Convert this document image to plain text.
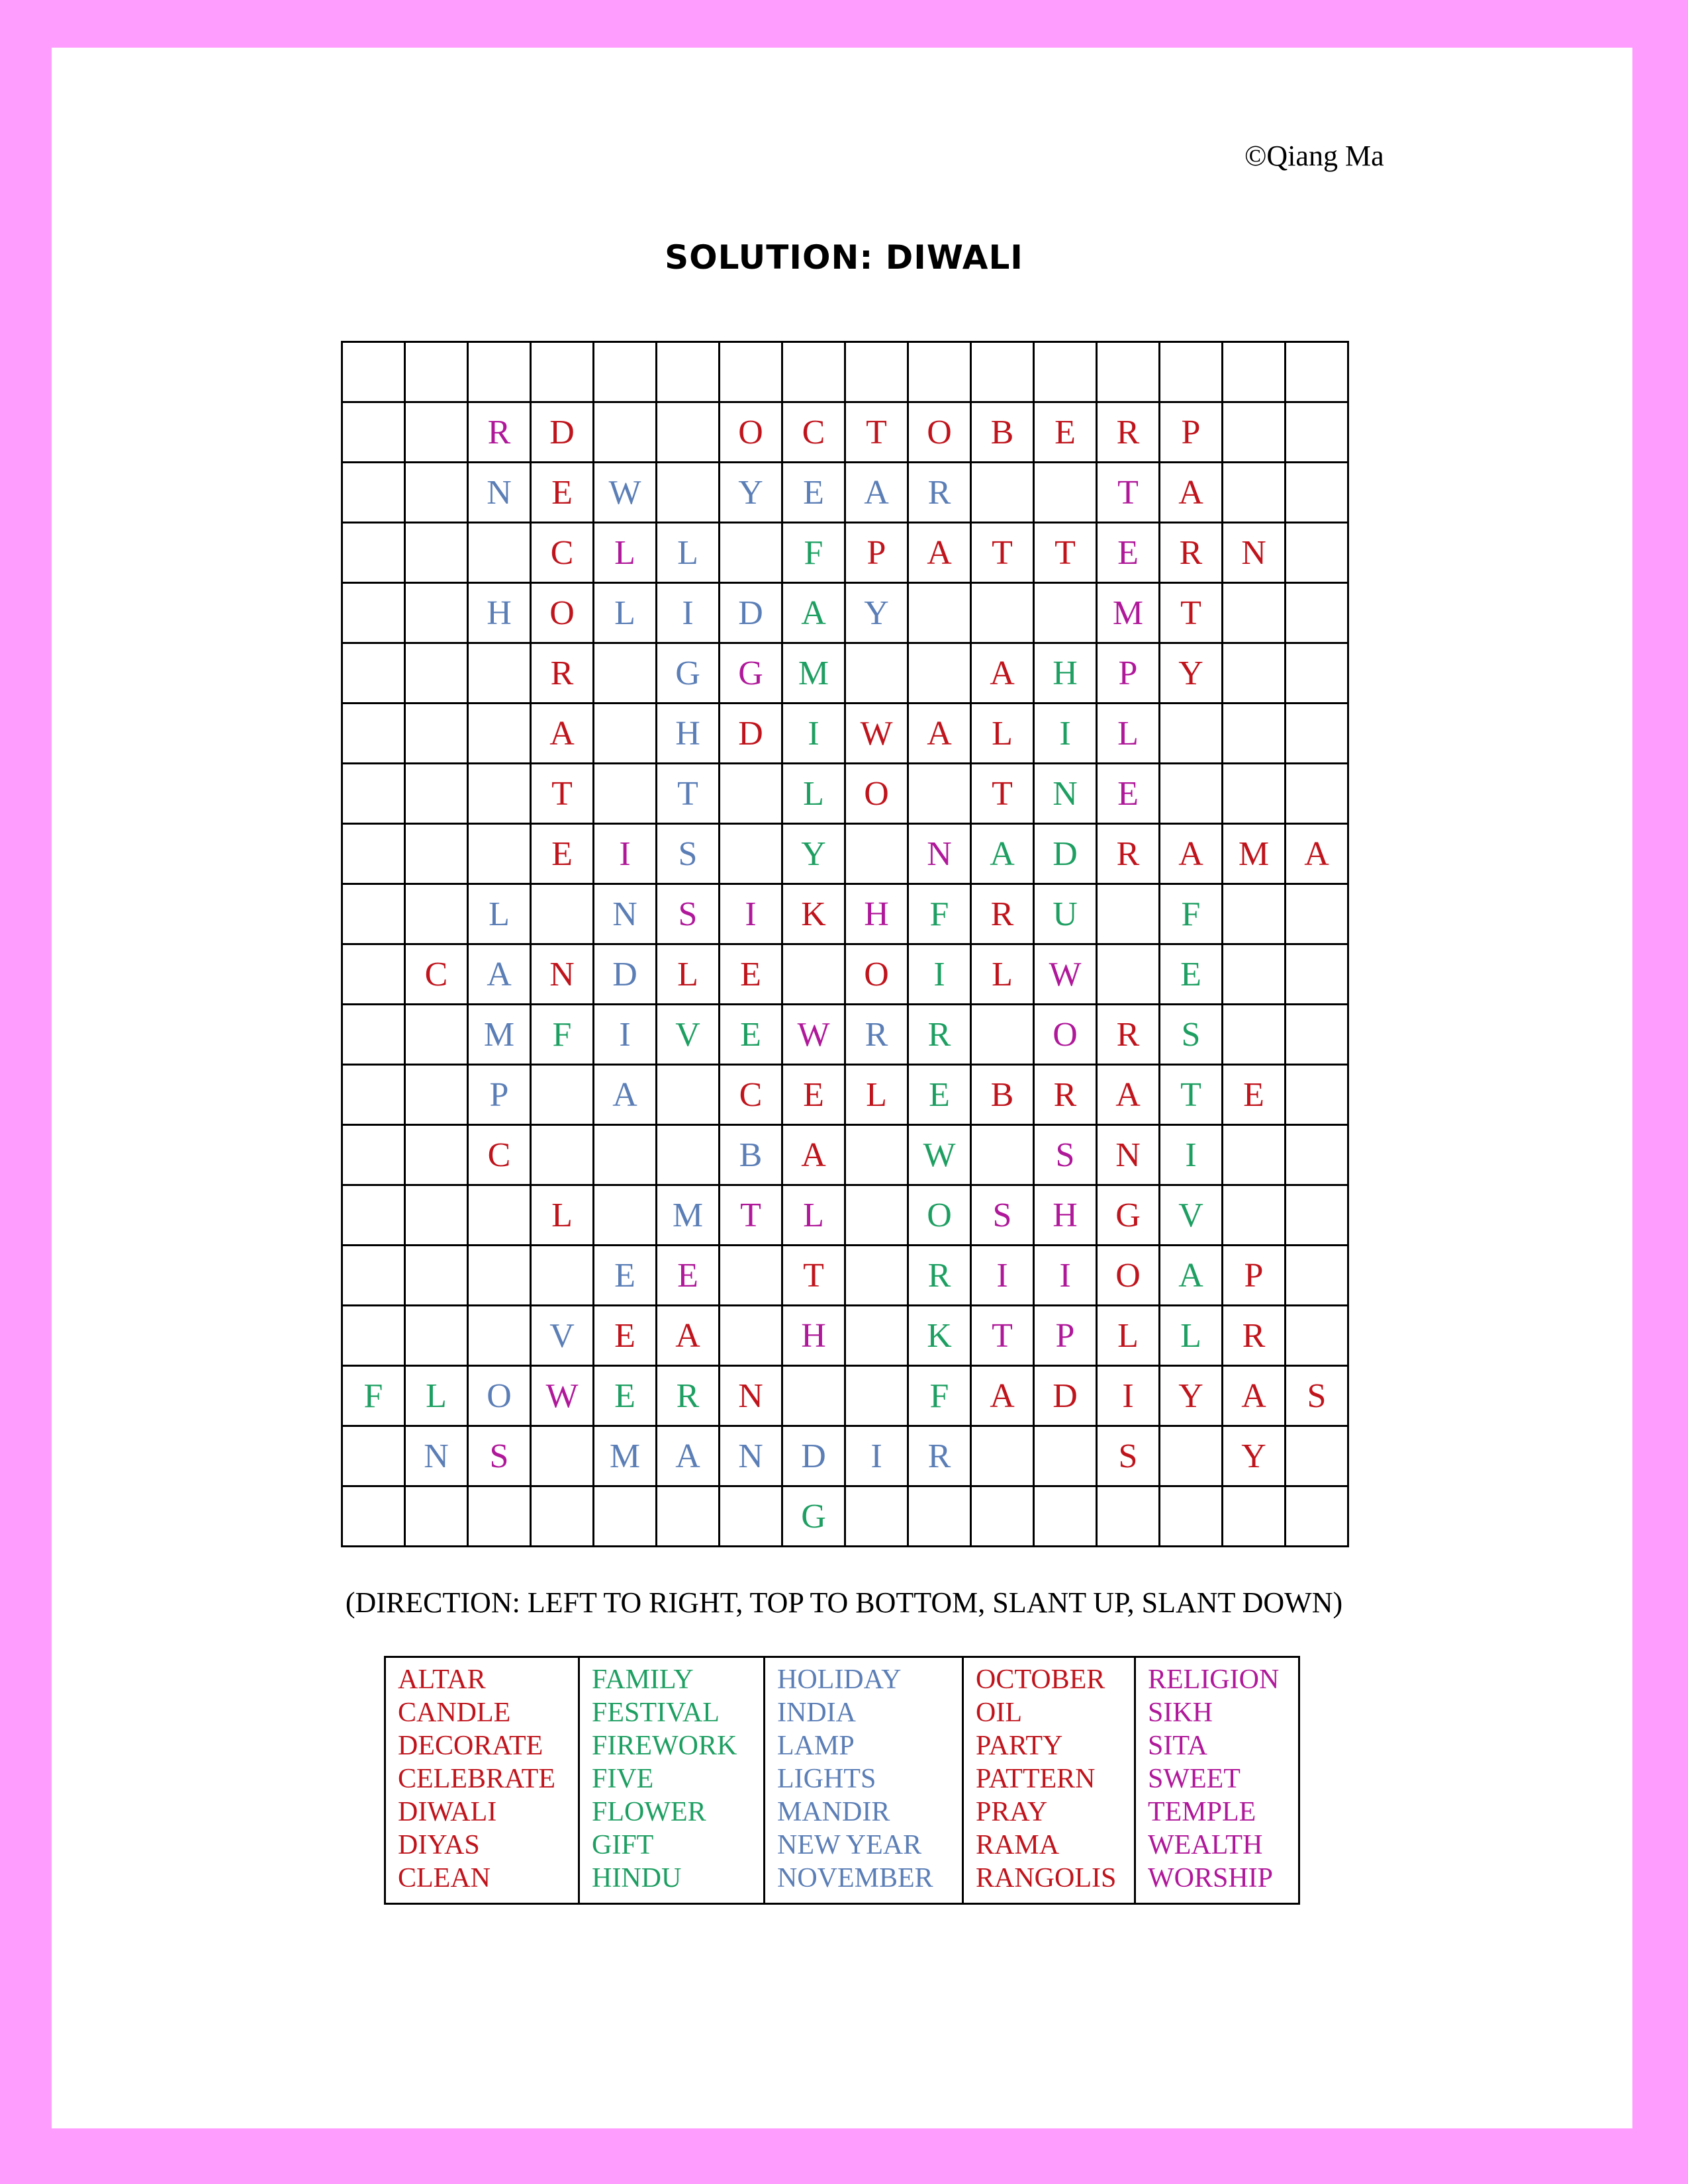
©Qiang Ma
SOLUTION: DIWALI

		R	D			O	C	T	O	B	E	R	P		
		N	E	W		Y	E	A	R			T	A		
			C	L	L		F	P	A	T	T	E	R	N	
		H	O	L	I	D	A	Y				M	T		
			R		G	G	M			A	H	P	Y		
			A		H	D	I	W	A	L	I	L			
			T		T		L	O		T	N	E			
			E	I	S		Y		N	A	D	R	A	M	A
		L		N	S	I	K	H	F	R	U		F		
	C	A	N	D	L	E		O	I	L	W		E		
		M	F	I	V	E	W	R	R		O	R	S		
		P		A		C	E	L	E	B	R	A	T	E	
		C				B	A		W		S	N	I		
			L		M	T	L		O	S	H	G	V		
				E	E		T		R	I	I	O	A	P	
			V	E	A		H		K	T	P	L	L	R	
F	L	O	W	E	R	N			F	A	D	I	Y	A	S
	N	S		M	A	N	D	I	R			S		Y	
							G								
(DIRECTION: LEFT TO RIGHT, TOP TO BOTTOM, SLANT UP, SLANT DOWN)
ALTAR
CANDLE
DECORATE
CELEBRATE
DIWALI
DIYAS
CLEAN
FAMILY
FESTIVAL
FIREWORK
FIVE
FLOWER
GIFT
HINDU
HOLIDAY
INDIA
LAMP
LIGHTS
MANDIR
NEW YEAR
NOVEMBER
OCTOBER
OIL
PARTY
PATTERN
PRAY
RAMA
RANGOLIS
RELIGION
SIKH
SITA
SWEET
TEMPLE
WEALTH
WORSHIP
